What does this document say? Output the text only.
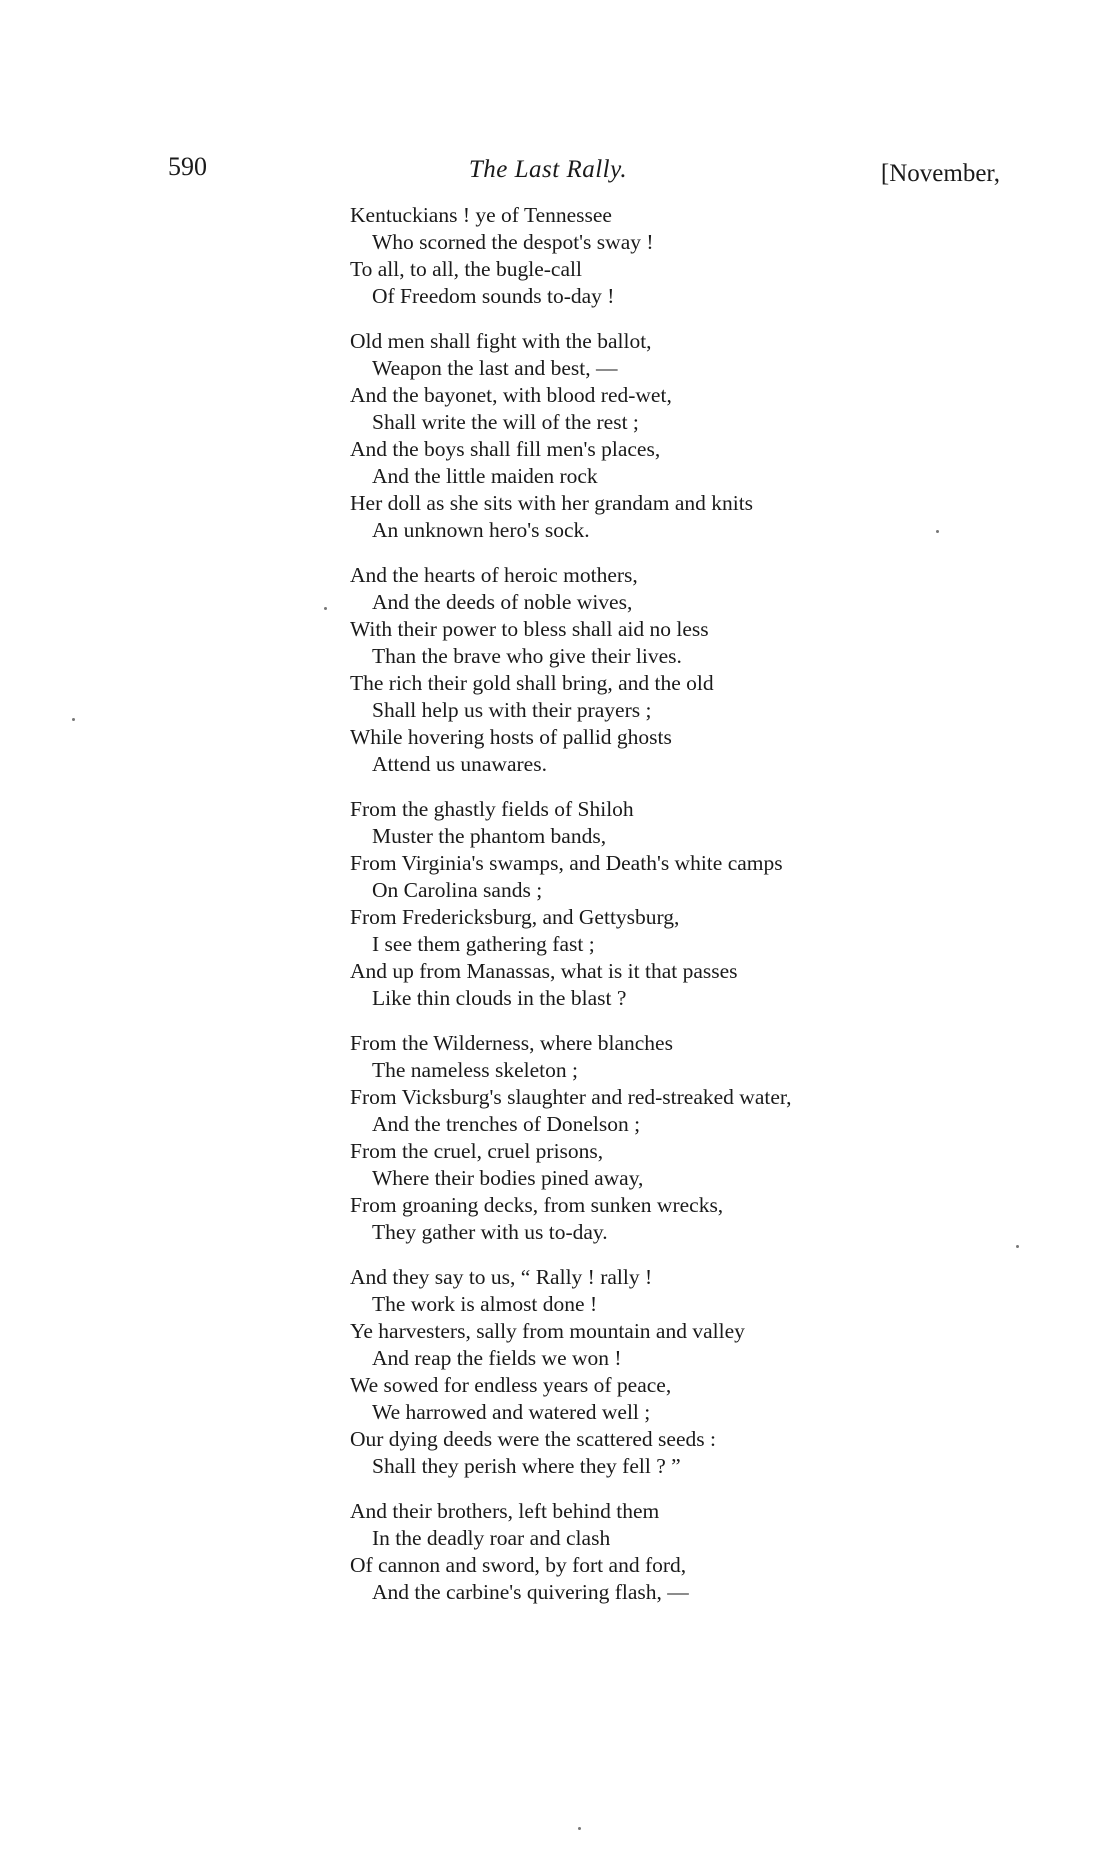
590	The Last Rally.	[November,
Kentuckians ! ye of Tennessee
Who scorned the despot's sway !
To all, to all, the bugle-call
Of Freedom sounds to-day !
Old men shall fight with the ballot,
Weapon the last and best, —
And the bayonet, with blood red-wet,
Shall write the will of the rest ;
And the boys shall fill men's places,
And the little maiden rock
Her doll as she sits with her grandam and knits
An unknown hero's sock.
And the hearts of heroic mothers,
And the deeds of noble wives,
With their power to bless shall aid no less
Than the brave who give their lives.
The rich their gold shall bring, and the old
Shall help us with their prayers ;
While hovering hosts of pallid ghosts
Attend us unawares.
From the ghastly fields of Shiloh
Muster the phantom bands,
From Virginia's swamps, and Death's white camps
On Carolina sands ;
From Fredericksburg, and Gettysburg,
I see them gathering fast ;
And up from Manassas, what is it that passes
Like thin clouds in the blast ?
From the Wilderness, where blanches
The nameless skeleton ;
From Vicksburg's slaughter and red-streaked water,
And the trenches of Donelson ;
From the cruel, cruel prisons,
Where their bodies pined away,
From groaning decks, from sunken wrecks,
They gather with us to-day.
And they say to us, “ Rally ! rally !
The work is almost done !
Ye harvesters, sally from mountain and valley
And reap the fields we won !
We sowed for endless years of peace,
We harrowed and watered well ;
Our dying deeds were the scattered seeds :
Shall they perish where they fell ? ”
And their brothers, left behind them
In the deadly roar and clash
Of cannon and sword, by fort and ford,
And the carbine's quivering flash, —
